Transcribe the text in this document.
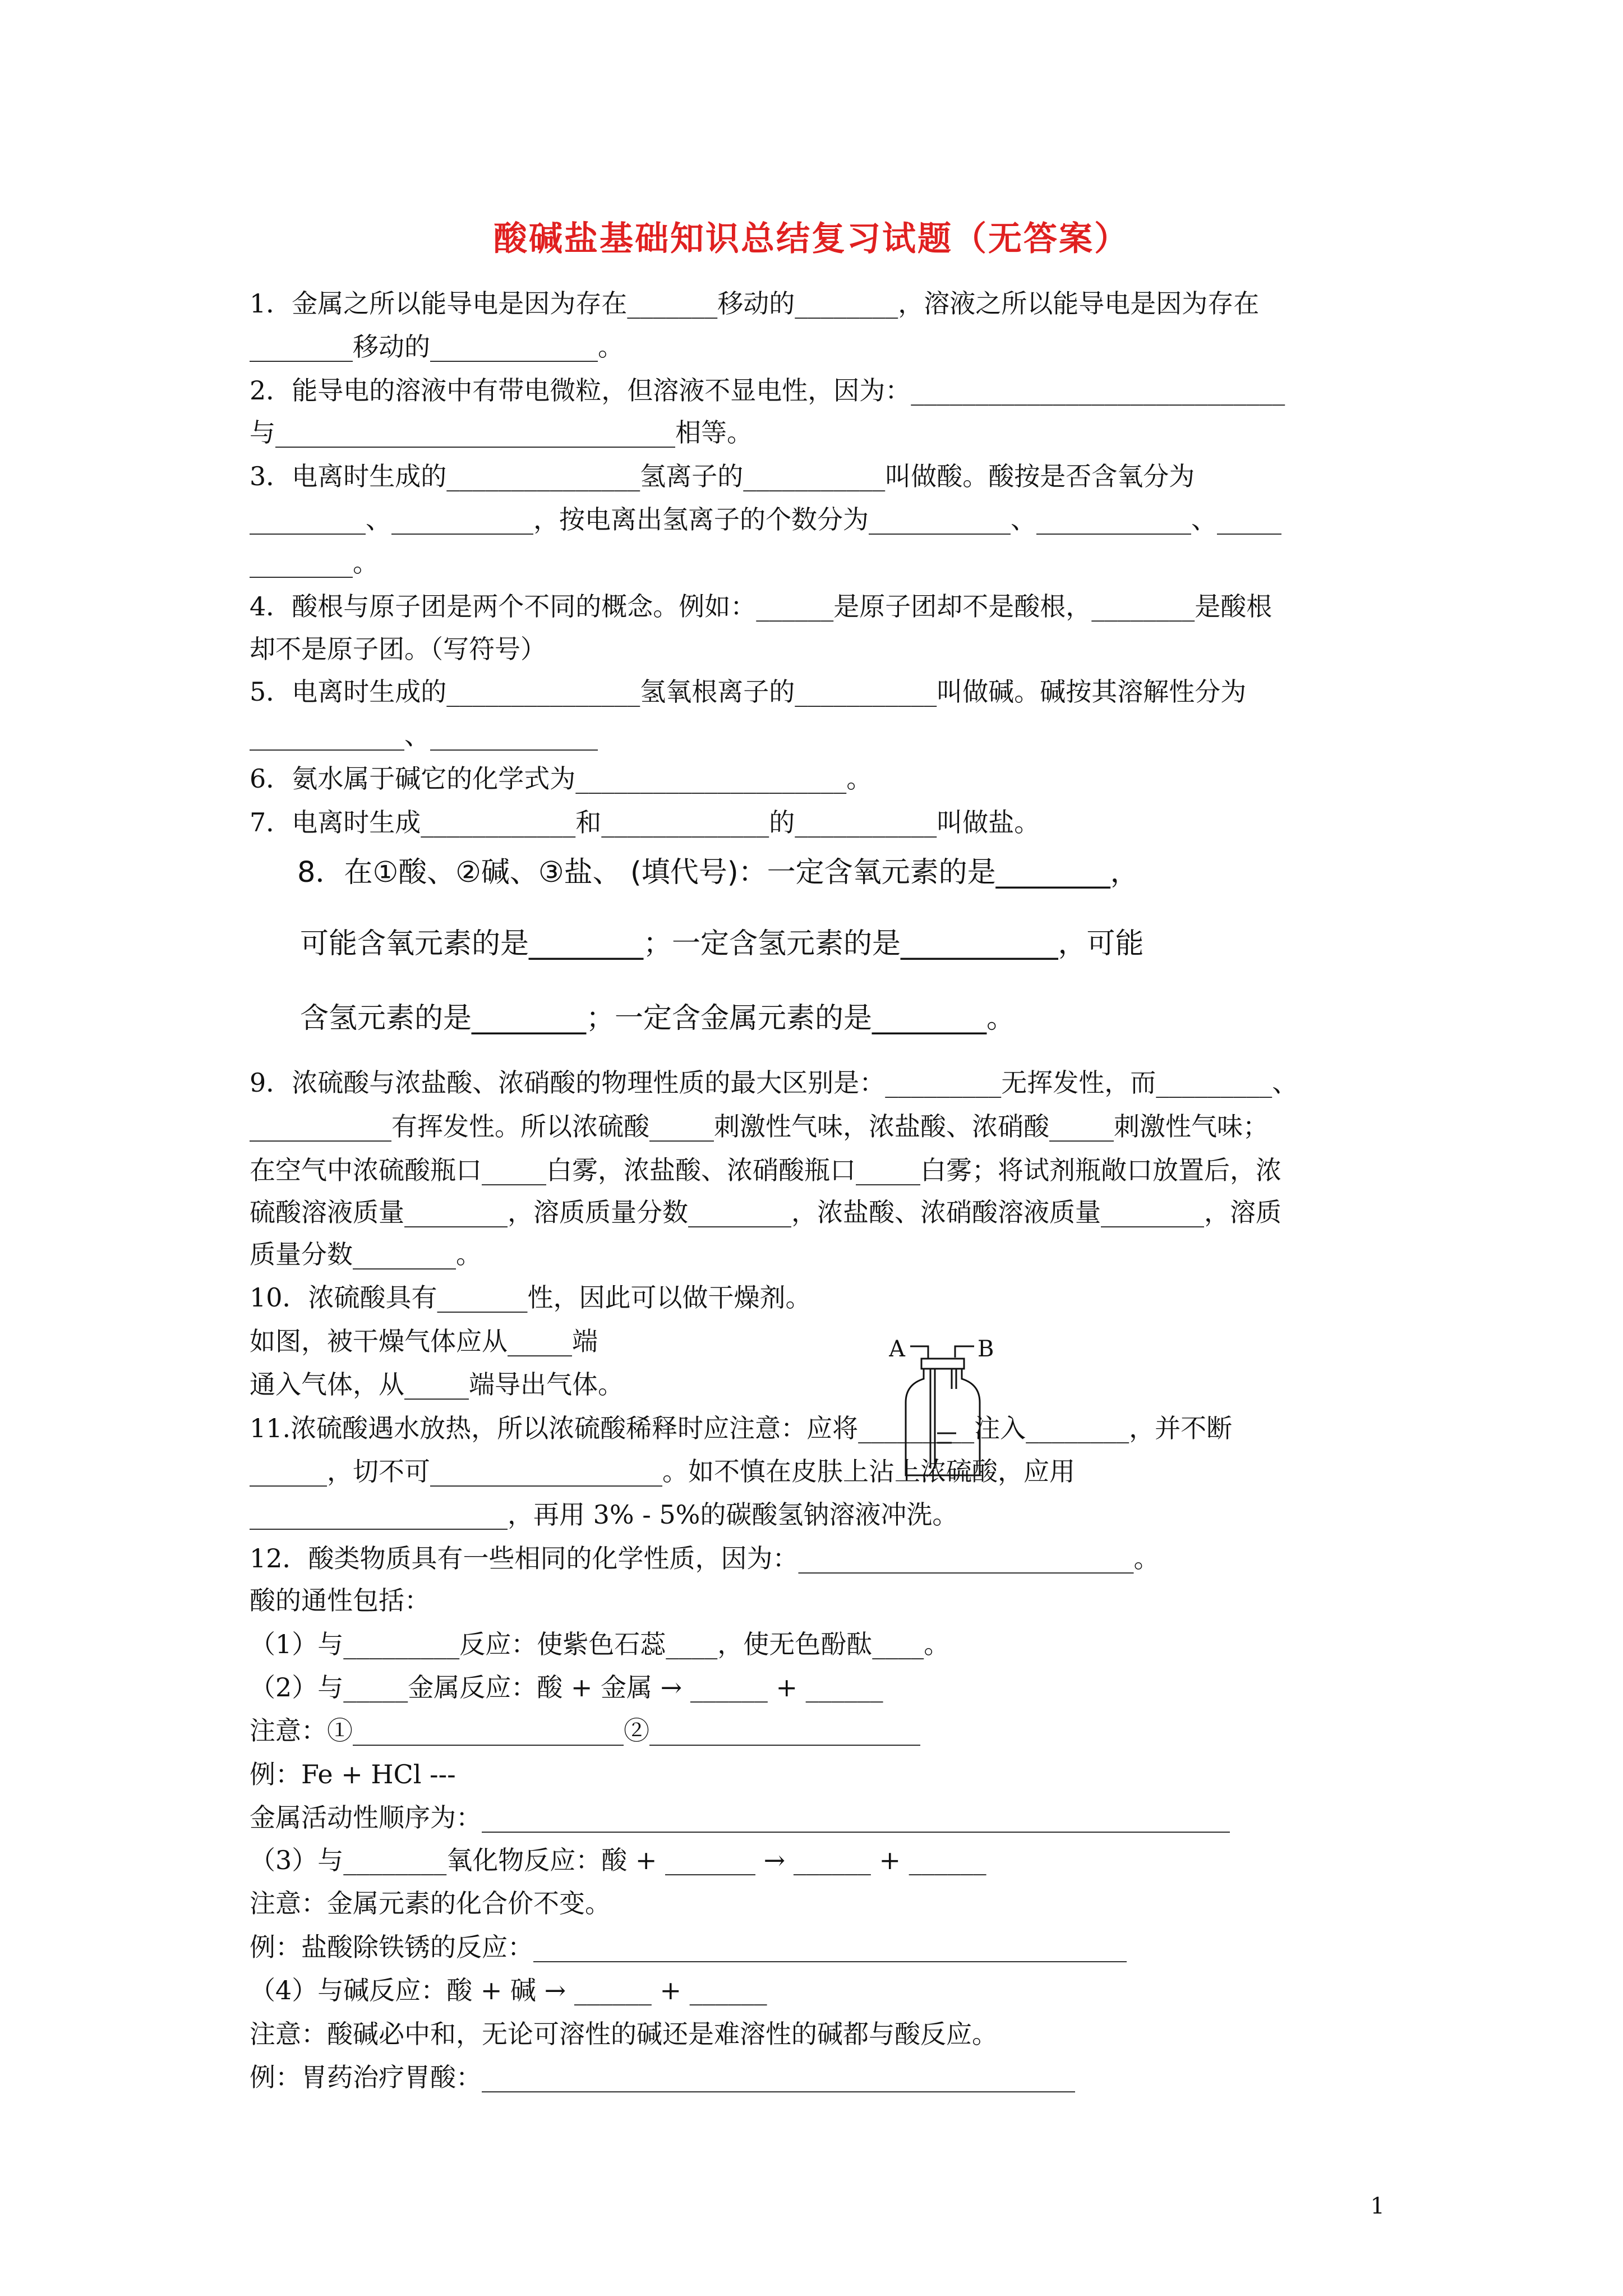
酸碱盐基础知识总结复习试题（无答案）
1．金属之所以能导电是因为存在_______移动的________，溶液之所以能导电是因为存在
________移动的_____________。
2．能导电的溶液中有带电微粒，但溶液不显电性，因为：_____________________________
与_______________________________相等。
3．电离时生成的_______________氢离子的___________叫做酸。酸按是否含氧分为
_________、___________，按电离出氢离子的个数分为___________、____________、_____
________。
4．酸根与原子团是两个不同的概念。例如：______是原子团却不是酸根，________是酸根
却不是原子团。（写符号）
5．电离时生成的_______________氢氧根离子的___________叫做碱。碱按其溶解性分为
____________、_____________
6．氨水属于碱它的化学式为_____________________。
7．电离时生成____________和_____________的___________叫做盐。
8．在①酸、②碱、③盐、 (填代号)：一定含氧元素的是________，
可能含氧元素的是________；一定含氢元素的是___________，可能
含氢元素的是________；一定含金属元素的是________。
9．浓硫酸与浓盐酸、浓硝酸的物理性质的最大区别是：_________无挥发性，而_________、
___________有挥发性。所以浓硫酸_____刺激性气味，浓盐酸、浓硝酸_____刺激性气味；
在空气中浓硫酸瓶口_____白雾，浓盐酸、浓硝酸瓶口_____白雾；将试剂瓶敞口放置后，浓
硫酸溶液质量________，溶质质量分数________，浓盐酸、浓硝酸溶液质量________，溶质
质量分数________。
10．浓硫酸具有_______性，因此可以做干燥剂。
如图，被干燥气体应从_____端
通入气体，从_____端导出气体。
11.浓硫酸遇水放热，所以浓硫酸稀释时应注意：应将_________注入________，并不断
______，切不可__________________。如不慎在皮肤上沾上浓硫酸，应用
____________________，再用 3% - 5%的碳酸氢钠溶液冲洗。
12．酸类物质具有一些相同的化学性质，因为：__________________________。
酸的通性包括：
（1）与_________反应：使紫色石蕊____，使无色酚酞____。
（2）与_____金属反应：酸 + 金属 → ______ + ______
注意：①_____________________②_____________________
例：Fe + HCl ---
金属活动性顺序为：__________________________________________________________
（3）与________氧化物反应：酸 + _______ → ______ + ______
注意：金属元素的化合价不变。
例：盐酸除铁锈的反应：______________________________________________
（4）与碱反应：酸 + 碱 → ______ + ______
注意：酸碱必中和，无论可溶性的碱还是难溶性的碱都与酸反应。
例：胃药治疗胃酸：______________________________________________
A	B
1
